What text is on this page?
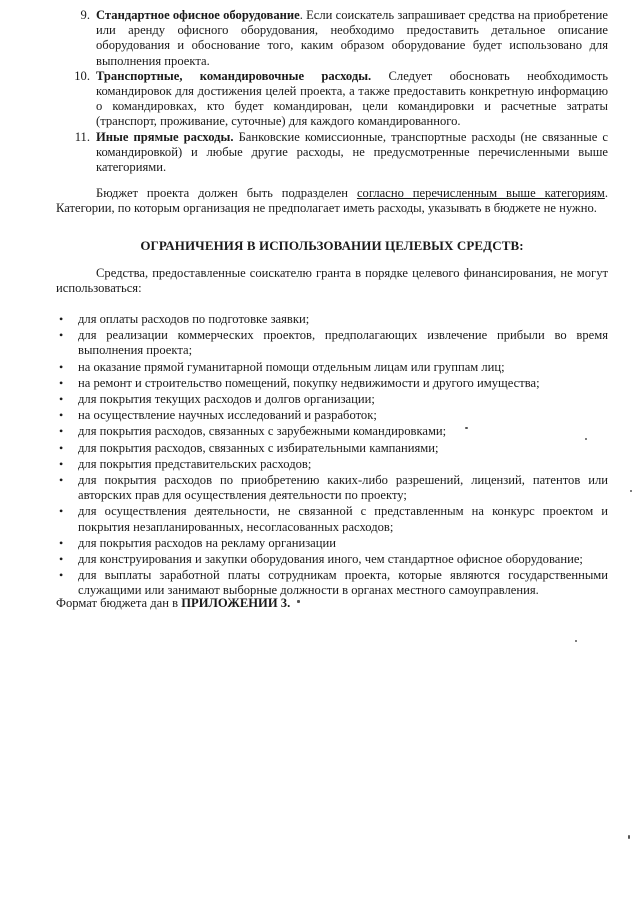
9. Стандартное офисное оборудование. Если соискатель запрашивает средства на приобретение или аренду офисного оборудования, необходимо предоставить детальное описание оборудования и обоснование того, каким образом оборудование будет использовано для выполнения проекта.
10. Транспортные, командировочные расходы. Следует обосновать необходимость командировок для достижения целей проекта, а также предоставить конкретную информацию о командировках, кто будет командирован, цели командировки и расчетные затраты (транспорт, проживание, суточные) для каждого командированного.
11. Иные прямые расходы. Банковские комиссионные, транспортные расходы (не связанные с командировкой) и любые другие расходы, не предусмотренные перечисленными выше категориями.

Бюджет проекта должен быть подразделен согласно перечисленным выше категориям. Категории, по которым организация не предполагает иметь расходы, указывать в бюджете не нужно.

ОГРАНИЧЕНИЯ В ИСПОЛЬЗОВАНИИ ЦЕЛЕВЫХ СРЕДСТВ:

Средства, предоставленные соискателю гранта в порядке целевого финансирования, не могут использоваться:

• для оплаты расходов по подготовке заявки;
• для реализации коммерческих проектов, предполагающих извлечение прибыли во время выполнения проекта;
• на оказание прямой гуманитарной помощи отдельным лицам или группам лиц;
• на ремонт и строительство помещений, покупку недвижимости и другого имущества;
• для покрытия текущих расходов и долгов организации;
• на осуществление научных исследований и разработок;
• для покрытия расходов, связанных с зарубежными командировками;
• для покрытия расходов, связанных с избирательными кампаниями;
• для покрытия представительских расходов;
• для покрытия расходов по приобретению каких-либо разрешений, лицензий, патентов или авторских прав для осуществления деятельности по проекту;
• для осуществления деятельности, не связанной с представленным на конкурс проектом и покрытия незапланированных, несогласованных расходов;
• для покрытия расходов на рекламу организации
• для конструирования и закупки оборудования иного, чем стандартное офисное оборудование;
• для выплаты заработной платы сотрудникам проекта, которые являются государственными служащими или занимают выборные должности в органах местного самоуправления.

Формат бюджета дан в ПРИЛОЖЕНИИ 3.
